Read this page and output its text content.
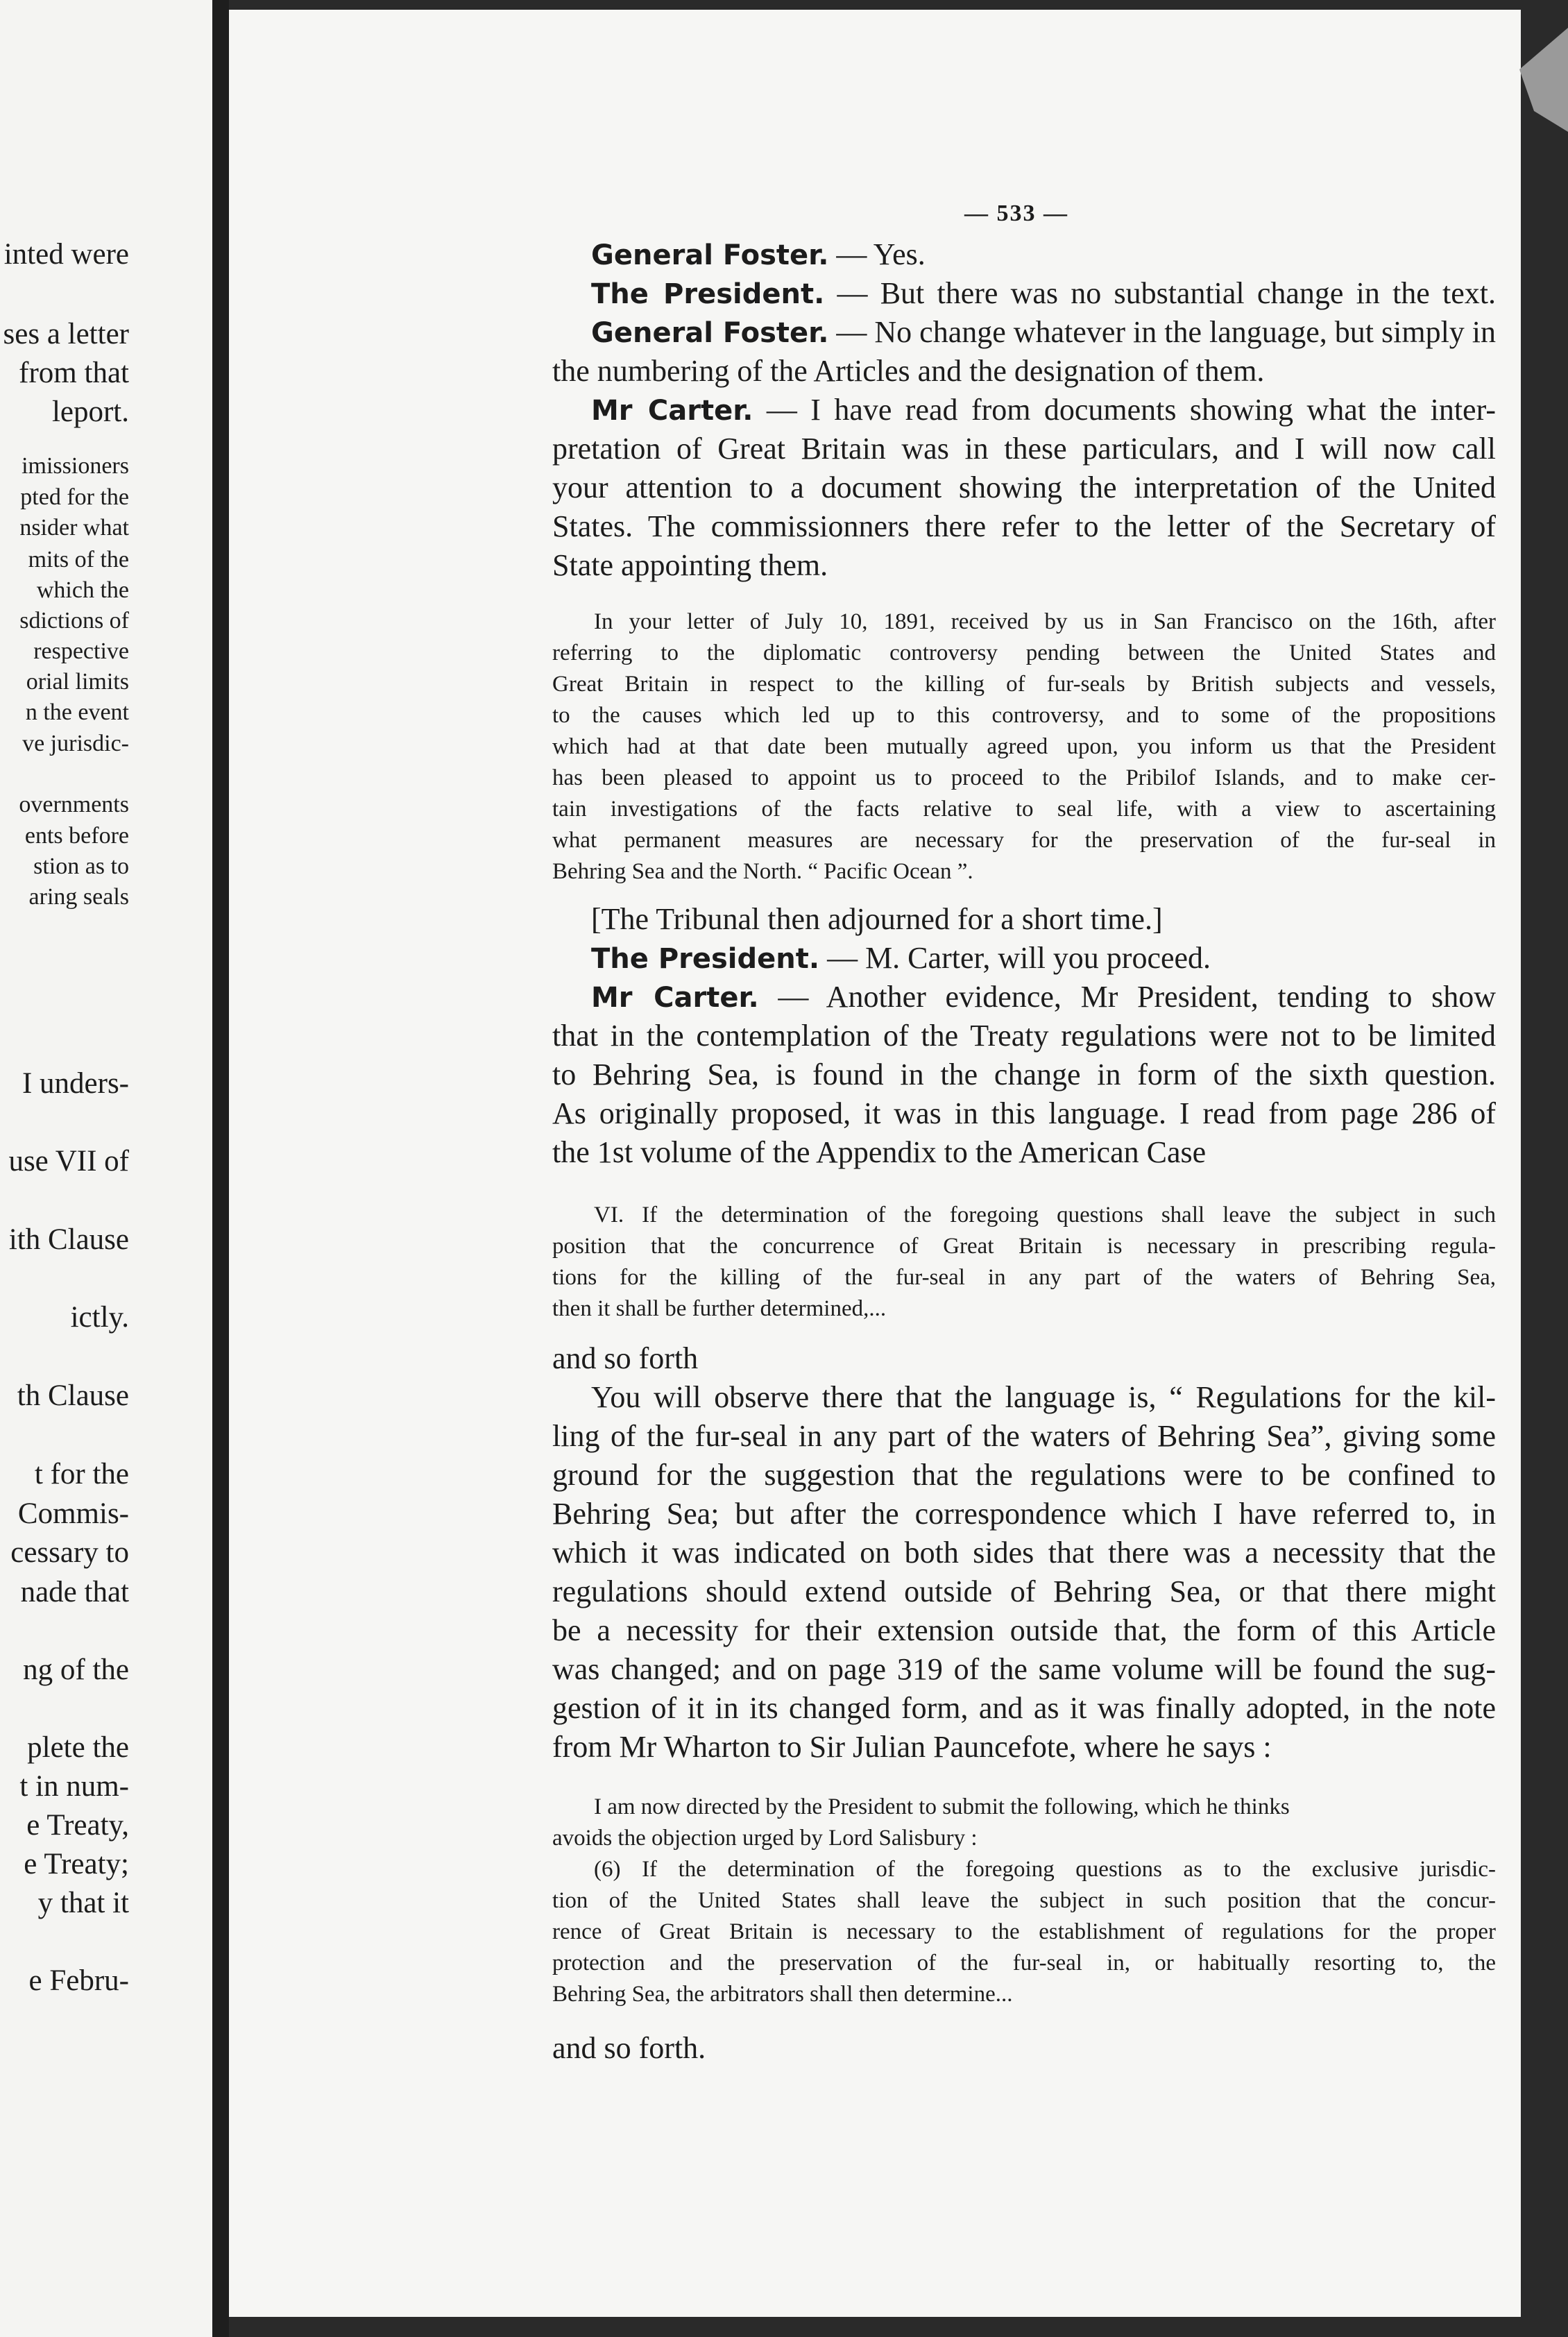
inted were
ses a letter
from that
leport.
imissioners
pted for the
nsider what
mits of the
which the
sdictions of
respective
orial limits
n the event
ve jurisdic-
overnments
ents before
stion as to
aring seals
I unders-
use VII of
ith Clause
ictly.
th Clause
t for the
Commis-
cessary to
nade that
ng of the
plete the
t in num-
e Treaty,
e Treaty;
y that it
e Febru-
— 533 —
General Foster. — Yes.
The President. — But there was no substantial change in the text.
General Foster. — No change whatever in the language, but simply in
the numbering of the Articles and the designation of them.
Mr Carter. — I have read from documents showing what the inter-
pretation of Great Britain was in these particulars, and I will now call
your attention to a document showing the interpretation of the United
States. The commissionners there refer to the letter of the Secretary of
State appointing them.
In your letter of July 10, 1891, received by us in San Francisco on the 16th, after
referring to the diplomatic controversy pending between the United States and
Great Britain in respect to the killing of fur-seals by British subjects and vessels,
to the causes which led up to this controversy, and to some of the propositions
which had at that date been mutually agreed upon, you inform us that the President
has been pleased to appoint us to proceed to the Pribilof Islands, and to make cer-
tain investigations of the facts relative to seal life, with a view to ascertaining
what permanent measures are necessary for the preservation of the fur-seal in
Behring Sea and the North. “ Pacific Ocean ”.
[The Tribunal then adjourned for a short time.]
The President. — M. Carter, will you proceed.
Mr Carter. — Another evidence, Mr President, tending to show
that in the contemplation of the Treaty regulations were not to be limited
to Behring Sea, is found in the change in form of the sixth question.
As originally proposed, it was in this language. I read from page 286 of
the 1st volume of the Appendix to the American Case
VI. If the determination of the foregoing questions shall leave the subject in such
position that the concurrence of Great Britain is necessary in prescribing regula-
tions for the killing of the fur-seal in any part of the waters of Behring Sea,
then it shall be further determined,...
and so forth
You will observe there that the language is, “ Regulations for the kil-
ling of the fur-seal in any part of the waters of Behring Sea”, giving some
ground for the suggestion that the regulations were to be confined to
Behring Sea; but after the correspondence which I have referred to, in
which it was indicated on both sides that there was a necessity that the
regulations should extend outside of Behring Sea, or that there might
be a necessity for their extension outside that, the form of this Article
was changed; and on page 319 of the same volume will be found the sug-
gestion of it in its changed form, and as it was finally adopted, in the note
from Mr Wharton to Sir Julian Pauncefote, where he says :
I am now directed by the President to submit the following, which he thinks
avoids the objection urged by Lord Salisbury :
(6) If the determination of the foregoing questions as to the exclusive jurisdic-
tion of the United States shall leave the subject in such position that the concur-
rence of Great Britain is necessary to the establishment of regulations for the proper
protection and the preservation of the fur-seal in, or habitually resorting to, the
Behring Sea, the arbitrators shall then determine...
and so forth.
